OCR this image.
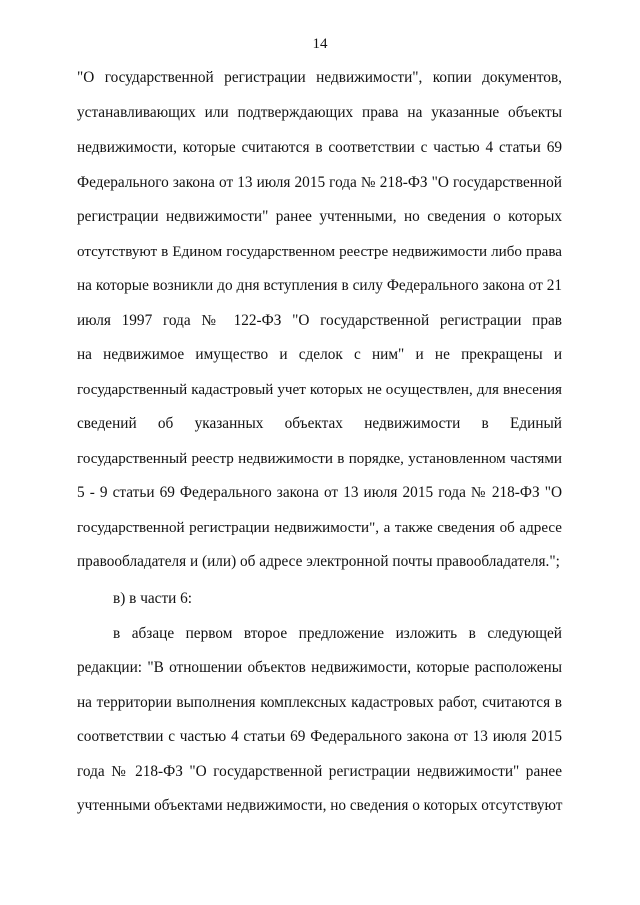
14
"О государственной регистрации недвижимости", копии документов,
устанавливающих или подтверждающих права на указанные объекты
недвижимости, которые считаются в соответствии с частью 4 статьи 69
Федерального закона от 13 июля 2015 года № 218-ФЗ "О государственной
регистрации недвижимости" ранее учтенными, но сведения о которых
отсутствуют в Едином государственном реестре недвижимости либо права
на которые возникли до дня вступления в силу Федерального закона от 21
июля 1997 года № 122-ФЗ "О государственной регистрации прав
на недвижимое имущество и сделок с ним" и не прекращены и
государственный кадастровый учет которых не осуществлен, для внесения
сведений об указанных объектах недвижимости в Единый
государственный реестр недвижимости в порядке, установленном частями
5 - 9 статьи 69 Федерального закона от 13 июля 2015 года № 218-ФЗ "О
государственной регистрации недвижимости", а также сведения об адресе
правообладателя и (или) об адресе электронной почты правообладателя.";
в) в части 6:
в абзаце первом второе предложение изложить в следующей
редакции: "В отношении объектов недвижимости, которые расположены
на территории выполнения комплексных кадастровых работ, считаются в
соответствии с частью 4 статьи 69 Федерального закона от 13 июля 2015
года № 218-ФЗ "О государственной регистрации недвижимости" ранее
учтенными объектами недвижимости, но сведения о которых отсутствуют
